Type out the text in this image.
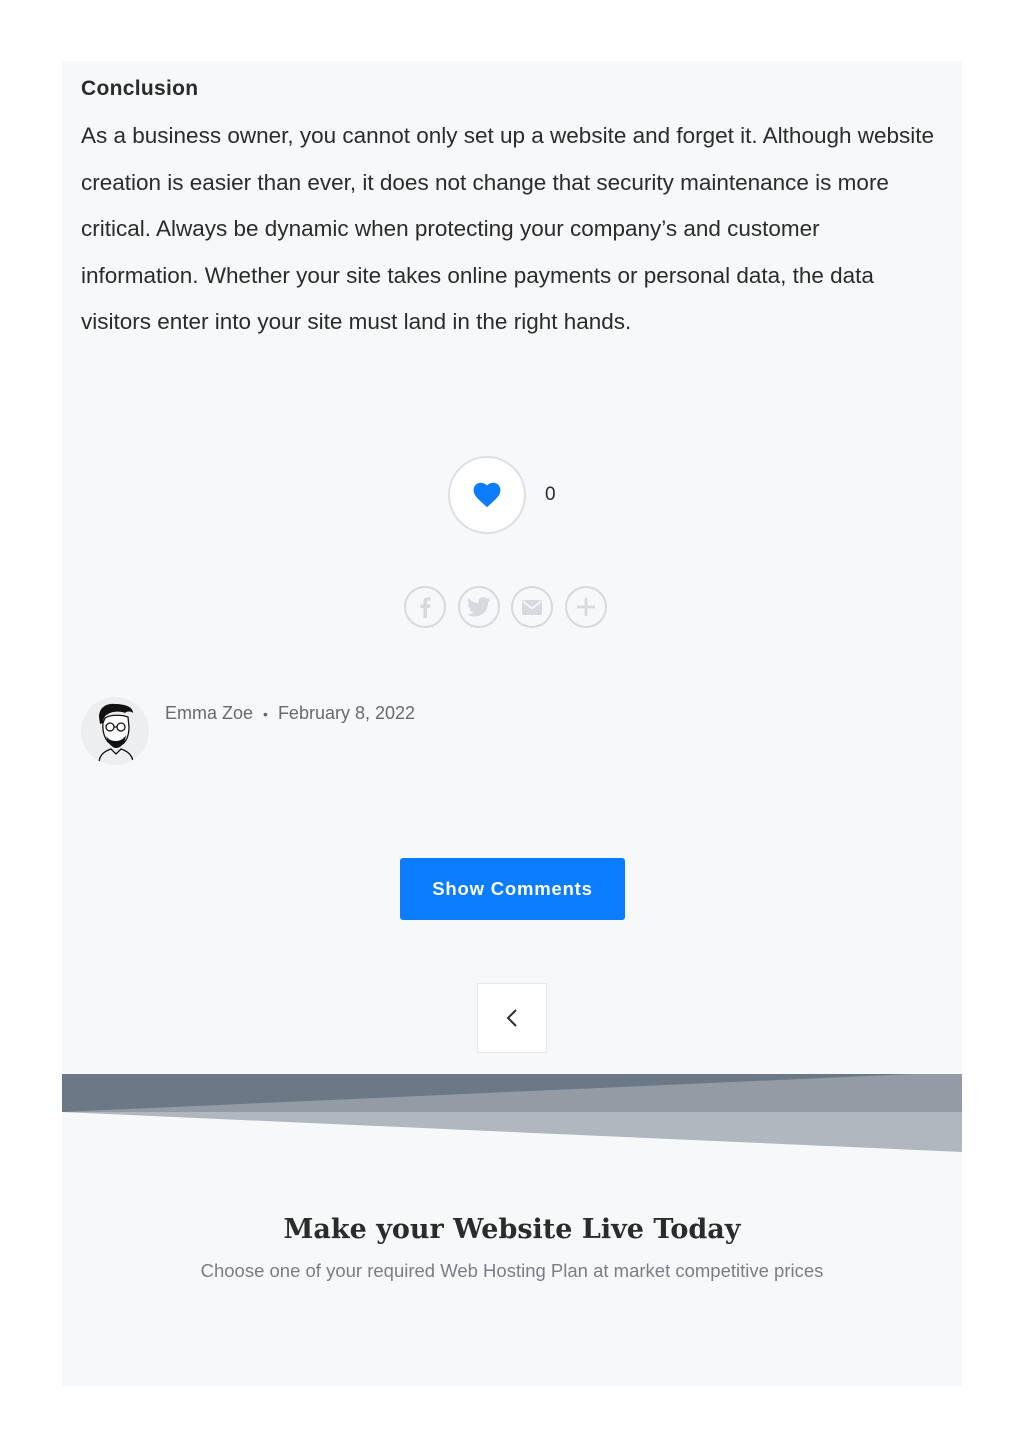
Conclusion

As a business owner, you cannot only set up a website and forget it. Although website creation is easier than ever, it does not change that security maintenance is more critical. Always be dynamic when protecting your company’s and customer information. Whether your site takes online payments or personal data, the data visitors enter into your site must land in the right hands.

0
Emma Zoe • February 8, 2022
Show Comments
Make your Website Live Today

Choose one of your required Web Hosting Plan at market competitive prices
